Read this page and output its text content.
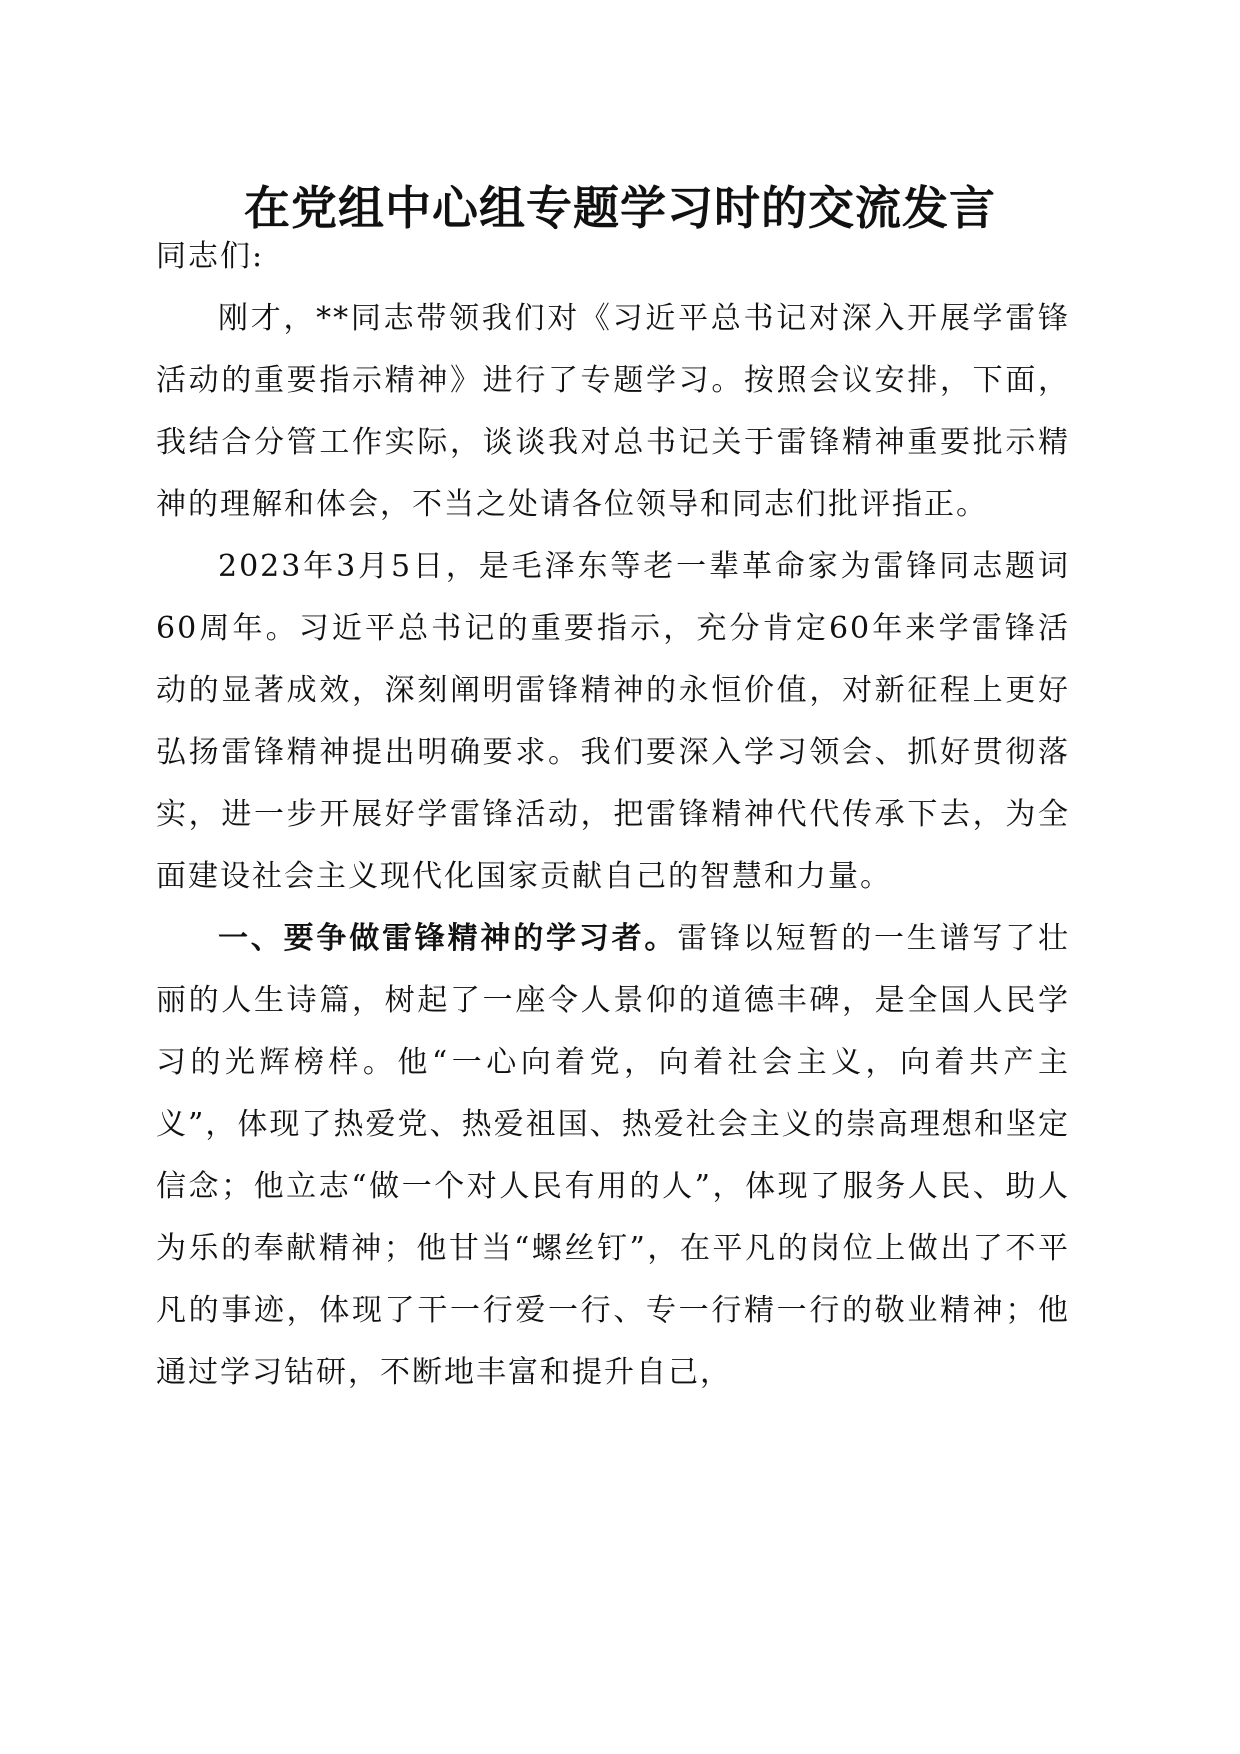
在党组中心组专题学习时的交流发言

同志们:

刚才，**同志带领我们对《习近平总书记对深入开展学雷锋活动的重要指示精神》进行了专题学习。按照会议安排，下面，我结合分管工作实际，谈谈我对总书记关于雷锋精神重要批示精神的理解和体会，不当之处请各位领导和同志们批评指正。

2023年3月5日，是毛泽东等老一辈革命家为雷锋同志题词60周年。习近平总书记的重要指示，充分肯定60年来学雷锋活动的显著成效，深刻阐明雷锋精神的永恒价值，对新征程上更好弘扬雷锋精神提出明确要求。我们要深入学习领会、抓好贯彻落实，进一步开展好学雷锋活动，把雷锋精神代代传承下去，为全面建设社会主义现代化国家贡献自己的智慧和力量。

一、要争做雷锋精神的学习者。雷锋以短暂的一生谱写了壮丽的人生诗篇，树起了一座令人景仰的道德丰碑，是全国人民学习的光辉榜样。他“一心向着党，向着社会主义，向着共产主义”，体现了热爱党、热爱祖国、热爱社会主义的崇高理想和坚定信念；他立志“做一个对人民有用的人”，体现了服务人民、助人为乐的奉献精神；他甘当“螺丝钉”，在平凡的岗位上做出了不平凡的事迹，体现了干一行爱一行、专一行精一行的敬业精神；他通过学习钻研，不断地丰富和提升自己，
